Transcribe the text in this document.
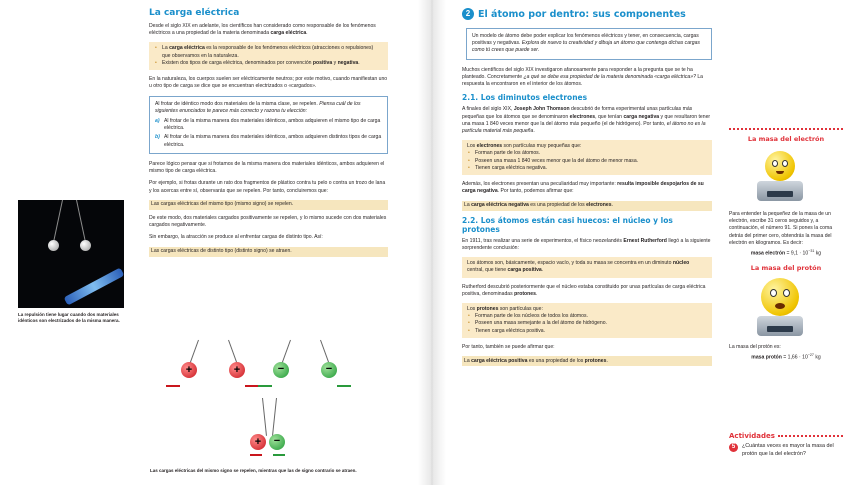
La repulsión tiene lugar cuando dos materiales idénticos son electrizados de la misma manera.
La carga eléctrica

Desde el siglo XIX en adelante, los científicos han considerado como responsable de los fenómenos eléctricos a una propiedad de la materia denominada carga eléctrica.

• La carga eléctrica es la responsable de los fenómenos eléctricos (atracciones o repulsiones) que observamos en la naturaleza.
• Existen dos tipos de carga eléctrica, denominados por convención positiva y negativa.

En la naturaleza, los cuerpos suelen ser eléctricamente neutros; por este motivo, cuando manifiestan uno u otro tipo de carga se dice que se encuentran electrizados o «cargados».

Al frotar de idéntico modo dos materiales de la misma clase, se repelen. Piensa cuál de los siguientes enunciados te parece más correcto y razona tu elección:
a) Al frotar de la misma manera dos materiales idénticos, ambos adquieren el mismo tipo de carga eléctrica.
b) Al frotar de la misma manera dos materiales idénticos, ambos adquieren distintos tipos de carga eléctrica.

Parece lógico pensar que si frotamos de la misma manera dos materiales idénticos, ambos adquieren el mismo tipo de carga eléctrica.

Por ejemplo, si frotas durante un rato dos fragmentos de plástico contra tu pelo o contra un trozo de lana y los acercas entre sí, observarás que se repelen. Por tanto, concluiremos que:

Las cargas eléctricas del mismo tipo (mismo signo) se repelen.

De este modo, dos materiales cargados positivamente se repelen, y lo mismo sucede con dos materiales cargados negativamente.

Sin embargo, la atracción se produce al enfrentar cargas de distinto tipo. Así:

Las cargas eléctricas de distinto tipo (distinto signo) se atraen.
+	+	−	−
+	−
Las cargas eléctricas del mismo signo se repelen, mientras que las de signo contrario se atraen.
2 El átomo por dentro: sus componentes
Un modelo de átomo debe poder explicar los fenómenos eléctricos y tener, en consecuencia, cargas positivas y negativas. Explora de nuevo tu creatividad y dibuja un átomo que contenga dichas cargas como tú crees que puede ser.

Muchos científicos del siglo XIX investigaron afanosamente para responder a la pregunta que se te ha planteado. Concretamente ¿a qué se debe esa propiedad de la materia denominada «carga eléctrica»? La respuesta la encontraron en el interior de los átomos.

2.1. Los diminutos electrones

A finales del siglo XIX, Joseph John Thomson descubrió de forma experimental unas partículas más pequeñas que los átomos que se denominaron electrones, que tenían carga negativa y que resultaron tener una masa 1 840 veces menor que la del átomo más pequeño (el de hidrógeno). Por tanto, el átomo no es la partícula material más pequeña.

Los electrones son partículas muy pequeñas que:
• Forman parte de los átomos.
• Poseen una masa 1 840 veces menor que la del átomo de menor masa.
• Tienen carga eléctrica negativa.

Además, los electrones presentan una peculiaridad muy importante: resulta imposible despojarlos de su carga negativa. Por tanto, podemos afirmar que:

La carga eléctrica negativa es una propiedad de los electrones.
2.2. Los átomos están casi huecos: el núcleo y los protones

En 1911, tras realizar una serie de experimentos, el físico neozelandés Ernest Rutherford llegó a la siguiente sorprendente conclusión:

Los átomos son, básicamente, espacio vacío, y toda su masa se concentra en un diminuto núcleo central, que tiene carga positiva.

Rutherford descubrió posteriormente que el núcleo estaba constituido por unas partículas de carga eléctrica positiva, denominadas protones.

Los protones son partículas que:
• Forman parte de los núcleos de todos los átomos.
• Poseen una masa semejante a la del átomo de hidrógeno.
• Tienen carga eléctrica positiva.

Por tanto, también se puede afirmar que:

La carga eléctrica positiva es una propiedad de los protones.
La masa del electrón
Para entender la pequeñez de la masa de un electrón, escribe 31 ceros seguidos y, a continuación, el número 91. Si pones la coma detrás del primer cero, obtendrás la masa del electrón en kilogramos. Es decir:
masa electrón = $9,1 \cdot 10^{-31}$ kg
La masa del protón
La masa del protón es:
masa protón = $1,66 \cdot 10^{-27}$ kg
Actividades
5	¿Cuántas veces es mayor la masa del protón que la del electrón?
